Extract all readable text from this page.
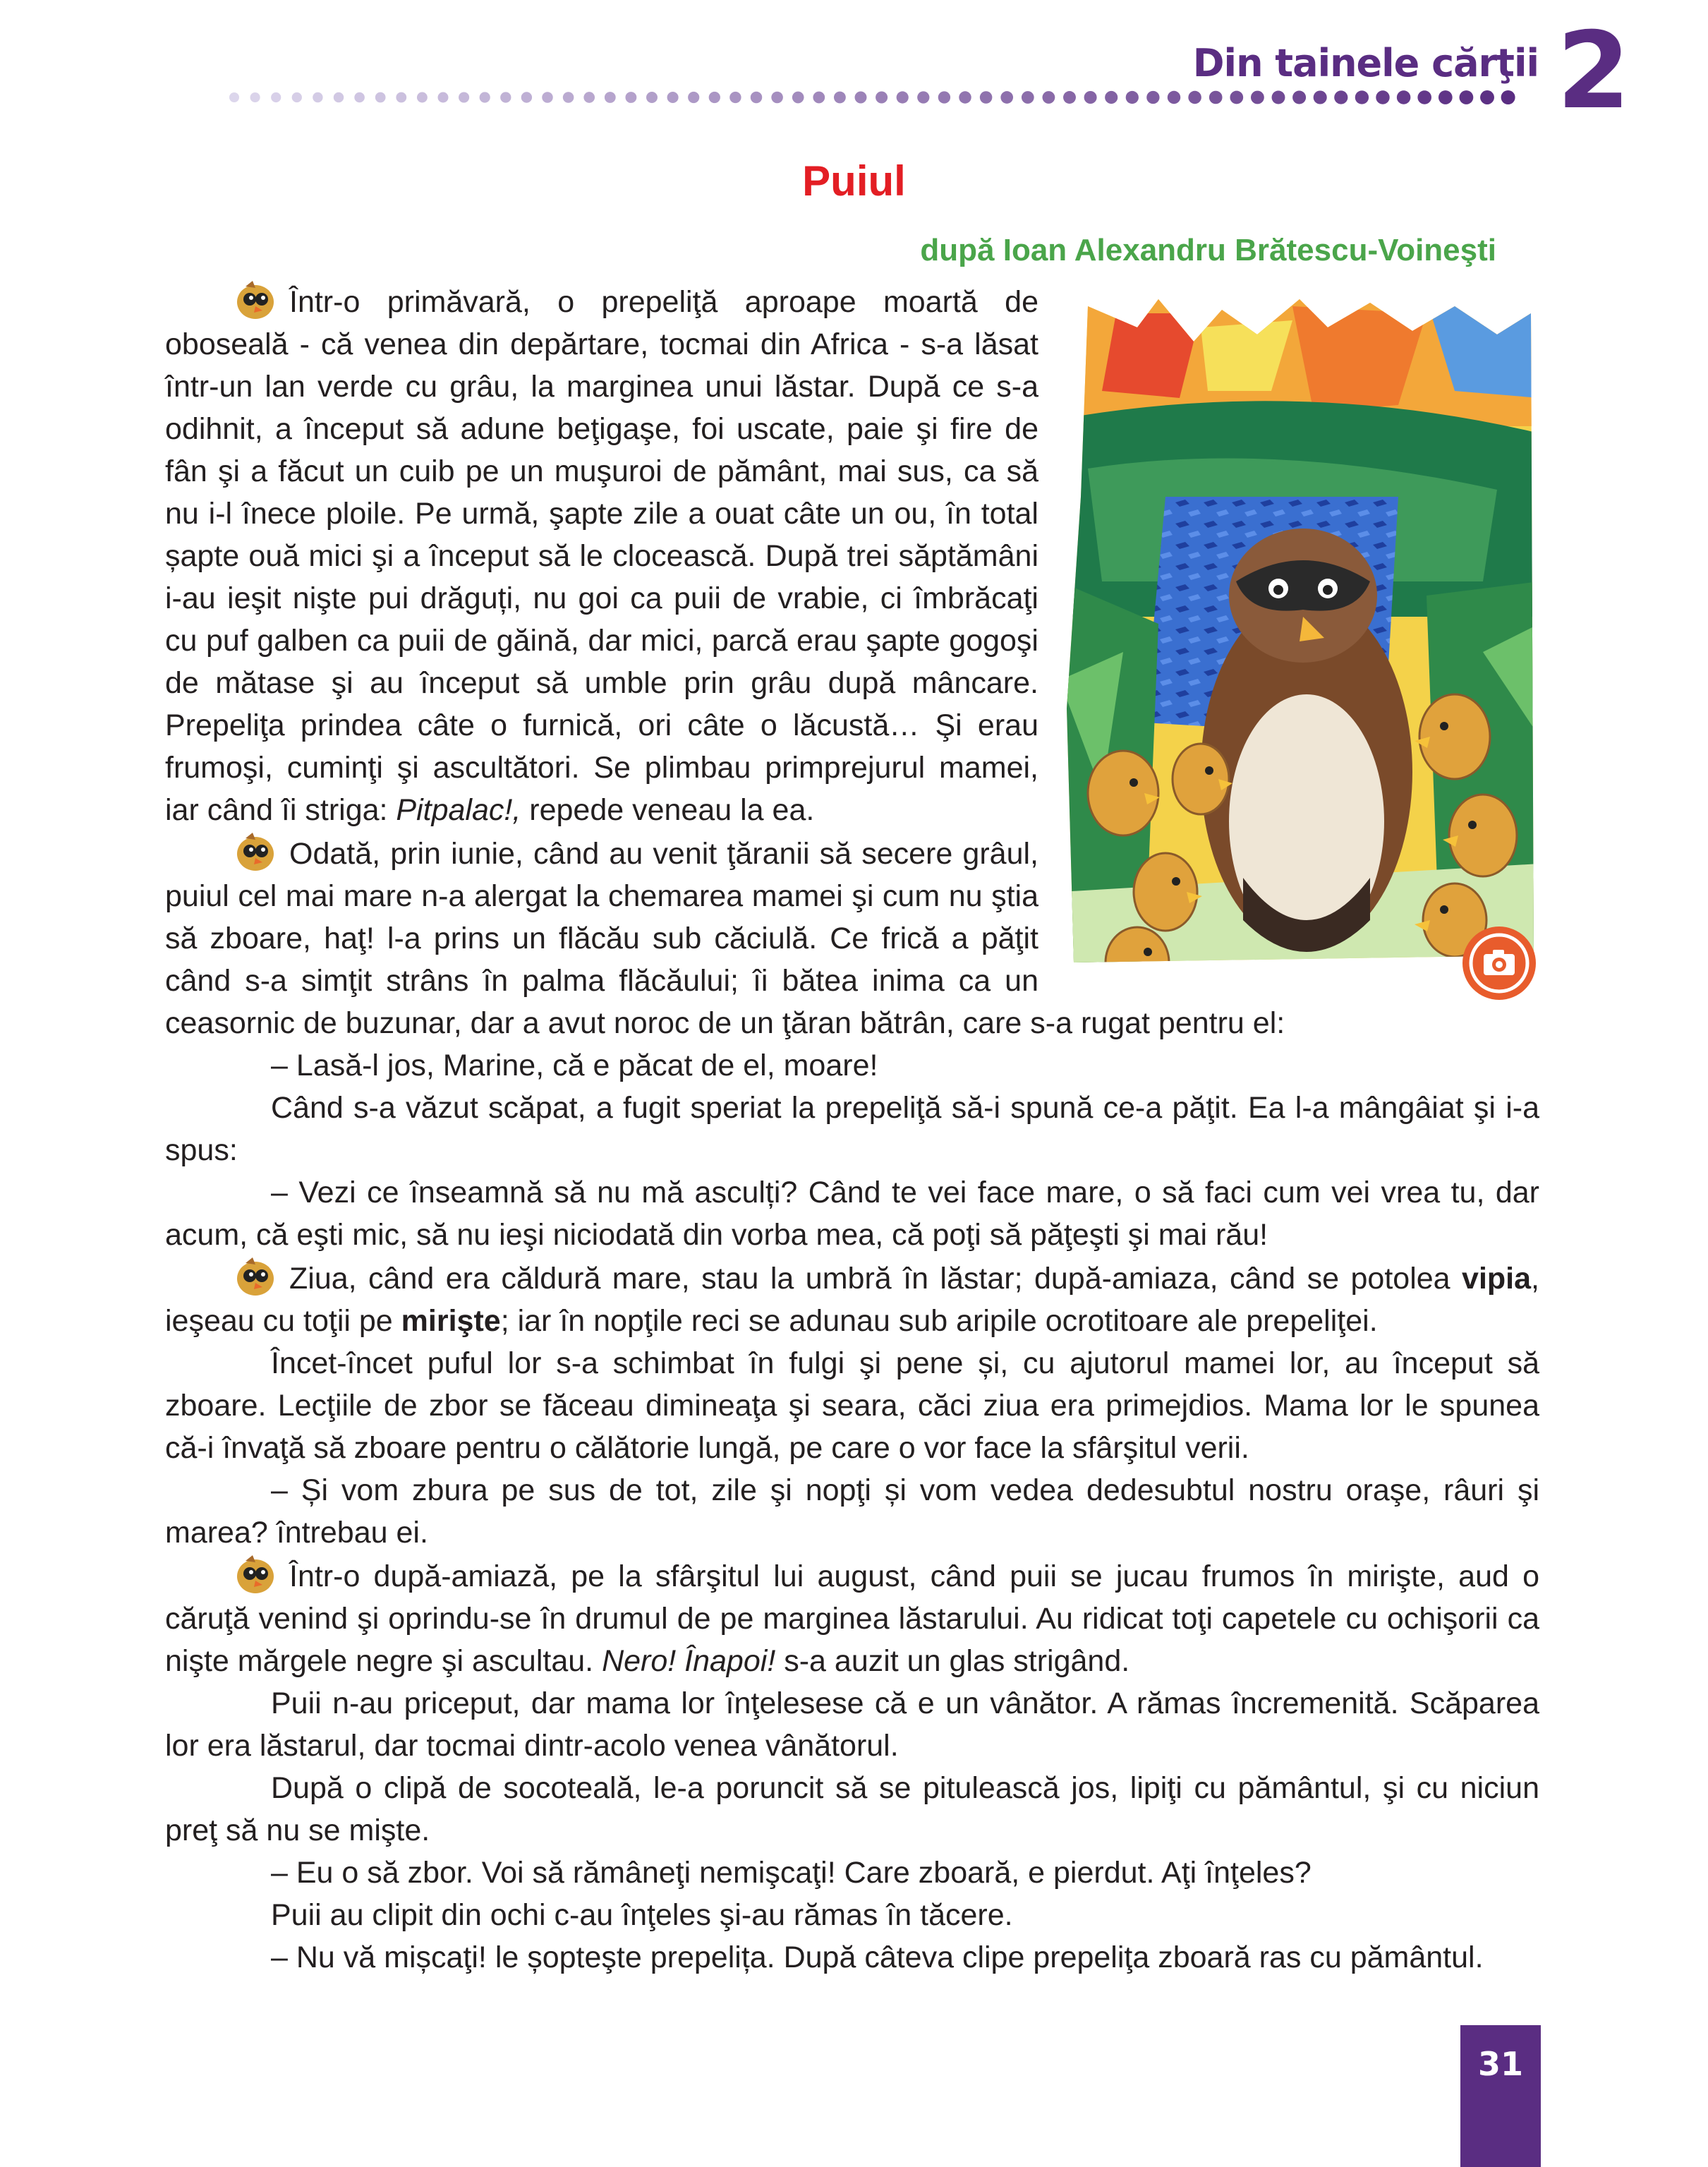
Din tainele cărţii 2
Puiul
după Ioan Alexandru Brătescu-Voineşti

Într-o primăvară, o prepeliţă aproape moartă de oboseală - că venea din depărtare, tocmai din Africa - s-a lăsat într-un lan verde cu grâu, la marginea unui lăstar. După ce s-a odihnit, a început să adune beţigaşe, foi uscate, paie şi fire de fân şi a făcut un cuib pe un muşuroi de pământ, mai sus, ca să nu i-l înece ploile. Pe urmă, şapte zile a ouat câte un ou, în total șapte ouă mici şi a început să le clocească. După trei săptămâni i-au ieşit nişte pui drăguți, nu goi ca puii de vrabie, ci îmbrăcaţi cu puf galben ca puii de găină, dar mici, parcă erau şapte gogoşi de mătase şi au început să umble prin grâu după mâncare. Prepeliţa prindea câte o furnică, ori câte o lăcustă… Şi erau frumoşi, cuminţi şi ascultători. Se plimbau primprejurul mamei, iar când îi striga: Pitpalac!, repede veneau la ea.

Odată, prin iunie, când au venit ţăranii să secere grâul, puiul cel mai mare n-a alergat la chemarea mamei şi cum nu ştia să zboare, haţ! l-a prins un flăcău sub căciulă. Ce frică a păţit când s-a simţit strâns în palma flăcăului; îi bătea inima ca un ceasornic de buzunar, dar a avut noroc de un ţăran bătrân, care s-a rugat pentru el:

– Lasă-l jos, Marine, că e păcat de el, moare!

Când s-a văzut scăpat, a fugit speriat la prepeliţă să-i spună ce-a păţit. Ea l-a mângâiat şi i-a spus:

– Vezi ce înseamnă să nu mă asculți? Când te vei face mare, o să faci cum vei vrea tu, dar acum, că eşti mic, să nu ieşi niciodată din vorba mea, că poţi să păţeşti şi mai rău!

Ziua, când era căldură mare, stau la umbră în lăstar; după-amiaza, când se potolea vipia, ieşeau cu toţii pe mirişte; iar în nopţile reci se adunau sub aripile ocrotitoare ale prepeliţei.

Încet-încet puful lor s-a schimbat în fulgi şi pene și, cu ajutorul mamei lor, au început să zboare. Lecţiile de zbor se făceau dimineaţa şi seara, căci ziua era primejdios. Mama lor le spunea că-i învaţă să zboare pentru o călătorie lungă, pe care o vor face la sfârşitul verii.

– Și vom zbura pe sus de tot, zile şi nopţi și vom vedea dedesubtul nostru oraşe, râuri şi marea? întrebau ei.

Într-o după-amiază, pe la sfârşitul lui august, când puii se jucau frumos în mirişte, aud o căruţă venind şi oprindu-se în drumul de pe marginea lăstarului. Au ridicat toţi capetele cu ochişorii ca nişte mărgele negre şi ascultau. Nero! Înapoi! s-a auzit un glas strigând.

Puii n-au priceput, dar mama lor înţelesese că e un vânător. A rămas încremenită. Scăparea lor era lăstarul, dar tocmai dintr-acolo venea vânătorul.

După o clipă de socoteală, le-a poruncit să se pitulească jos, lipiţi cu pământul, şi cu niciun preţ să nu se mişte.

– Eu o să zbor. Voi să rămâneţi nemişcaţi! Care zboară, e pierdut. Aţi înţeles?

Puii au clipit din ochi c-au înţeles şi-au rămas în tăcere.

– Nu vă mișcaţi! le șopteşte prepelița. După câteva clipe prepeliţa zboară ras cu pământul.

31
